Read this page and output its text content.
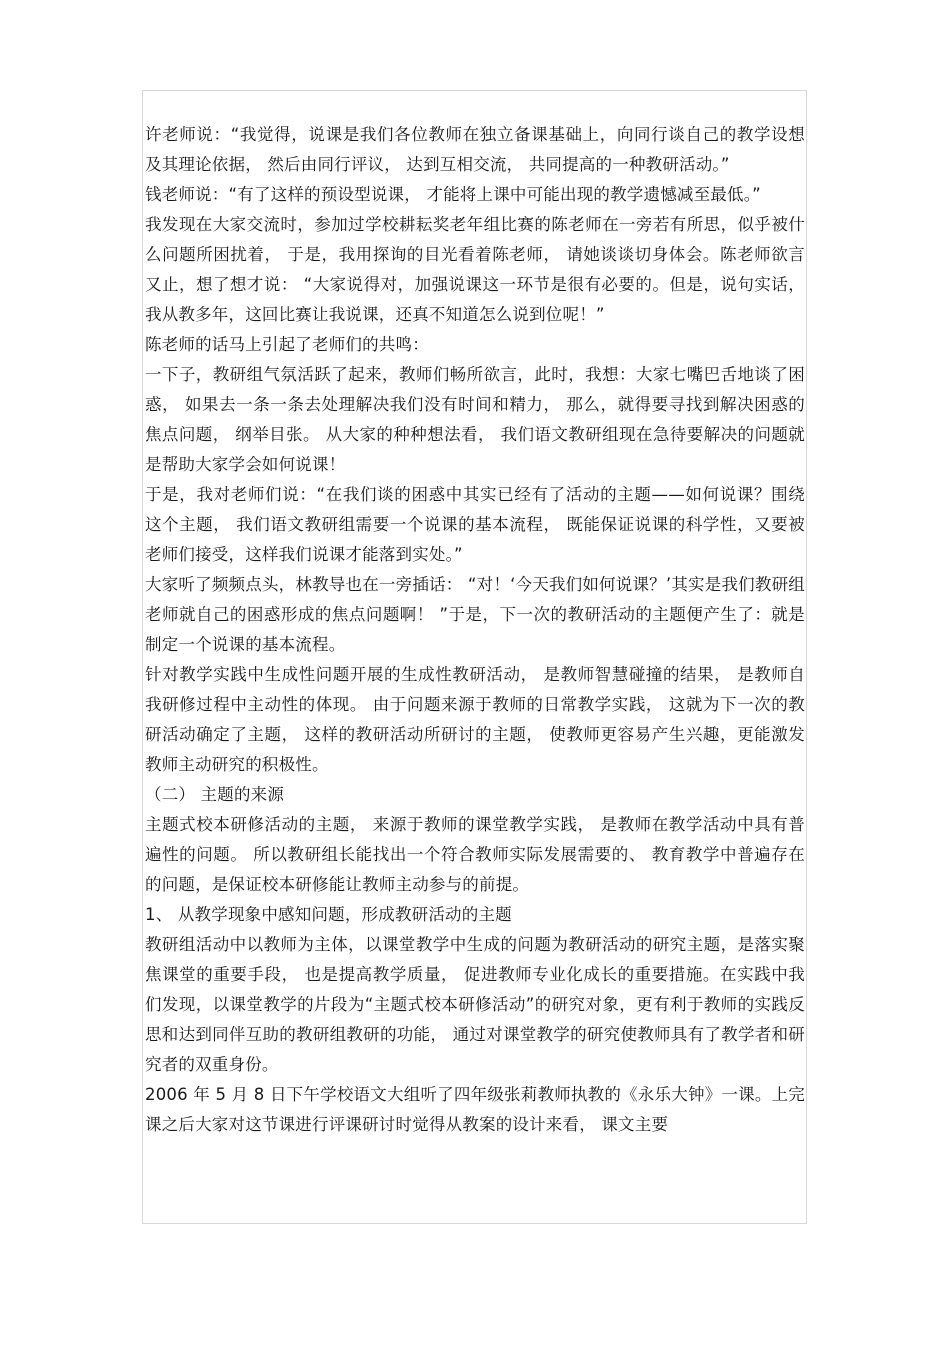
许老师说：“我觉得，说课是我们各位教师在独立备课基础上，向同行谈自己的教学设想及其理论依据， 然后由同行评议， 达到互相交流， 共同提高的一种教研活动。”

钱老师说：“有了这样的预设型说课， 才能将上课中可能出现的教学遗憾减至最低。”

我发现在大家交流时，参加过学校耕耘奖老年组比赛的陈老师在一旁若有所思，似乎被什么问题所困扰着， 于是，我用探询的目光看着陈老师， 请她谈谈切身体会。陈老师欲言又止，想了想才说： “大家说得对，加强说课这一环节是很有必要的。但是，说句实话，我从教多年，这回比赛让我说课，还真不知道怎么说到位呢！”

陈老师的话马上引起了老师们的共鸣：

一下子，教研组气氛活跃了起来，教师们畅所欲言，此时，我想：大家七嘴巴舌地谈了困惑， 如果去一条一条去处理解决我们没有时间和精力， 那么，就得要寻找到解决困惑的焦点问题， 纲举目张。 从大家的种种想法看， 我们语文教研组现在急待要解决的问题就是帮助大家学会如何说课！

于是，我对老师们说：“在我们谈的困惑中其实已经有了活动的主题——如何说课？围绕这个主题， 我们语文教研组需要一个说课的基本流程， 既能保证说课的科学性，又要被老师们接受，这样我们说课才能落到实处。”

大家听了频频点头，林教导也在一旁插话： “对！‘今天我们如何说课？’其实是我们教研组老师就自己的困惑形成的焦点问题啊！ ”于是，下一次的教研活动的主题便产生了：就是制定一个说课的基本流程。

针对教学实践中生成性问题开展的生成性教研活动， 是教师智慧碰撞的结果， 是教师自我研修过程中主动性的体现。 由于问题来源于教师的日常教学实践， 这就为下一次的教研活动确定了主题， 这样的教研活动所研讨的主题， 使教师更容易产生兴趣，更能激发教师主动研究的积极性。

（二） 主题的来源

主题式校本研修活动的主题， 来源于教师的课堂教学实践， 是教师在教学活动中具有普遍性的问题。 所以教研组长能找出一个符合教师实际发展需要的、 教育教学中普遍存在的问题，是保证校本研修能让教师主动参与的前提。

1、 从教学现象中感知问题，形成教研活动的主题

教研组活动中以教师为主体，以课堂教学中生成的问题为教研活动的研究主题，是落实聚焦课堂的重要手段， 也是提高教学质量， 促进教师专业化成长的重要措施。在实践中我们发现，以课堂教学的片段为“主题式校本研修活动”的研究对象，更有利于教师的实践反思和达到同伴互助的教研组教研的功能， 通过对课堂教学的研究使教师具有了教学者和研究者的双重身份。

2006 年 5 月 8 日下午学校语文大组听了四年级张莉教师执教的《永乐大钟》一课。上完课之后大家对这节课进行评课研讨时觉得从教案的设计来看， 课文主要
